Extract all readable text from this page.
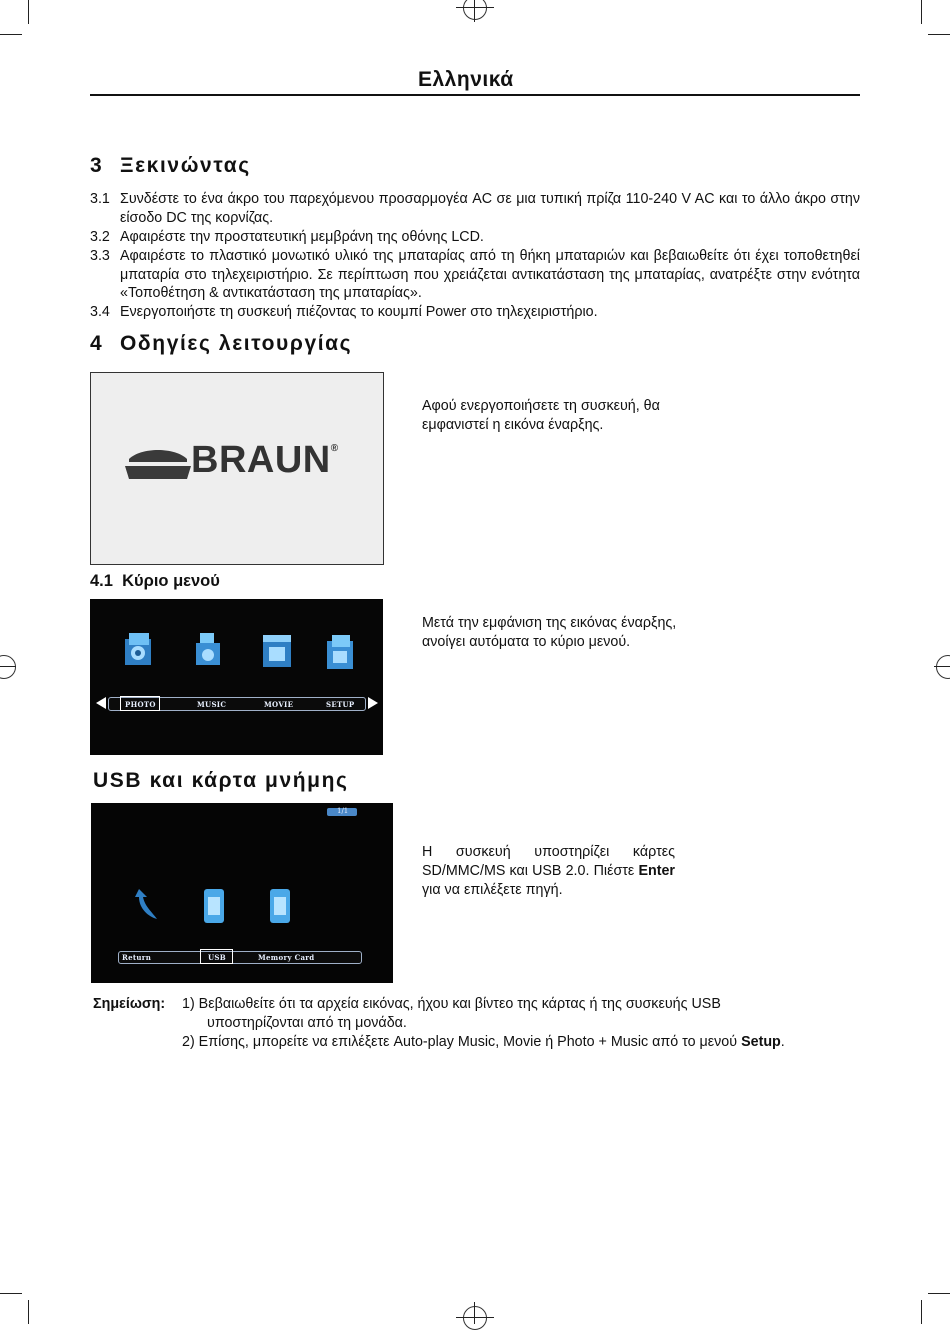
Ελληνικά
3 Ξεκινώντας
3.1 Συνδέστε το ένα άκρο του παρεχόμενου προσαρμογέα AC σε μια τυπική πρίζα 110-240 V AC και το άλλο άκρο στην είσοδο DC της κορνίζας.
3.2 Αφαιρέστε την προστατευτική μεμβράνη της οθόνης LCD.
3.3 Αφαιρέστε το πλαστικό μονωτικό υλικό της μπαταρίας από τη θήκη μπαταριών και βεβαιωθείτε ότι έχει τοποθετηθεί μπαταρία στο τηλεχειριστήριο. Σε περίπτωση που χρειάζεται αντικατάσταση της μπαταρίας, ανατρέξτε στην ενότητα «Τοποθέτηση & αντικατάσταση της μπαταρίας».
3.4 Ενεργοποιήστε τη συσκευή πιέζοντας το κουμπί Power στο τηλεχειριστήριο.
4 Οδηγίες λειτουργίας
BRAUN®
Αφού ενεργοποιήσετε τη συσκευή, θα εμφανιστεί η εικόνα έναρξης.
4.1  Κύριο μενού
PHOTO	MUSIC	MOVIE	SETUP
Μετά την εμφάνιση της εικόνας έναρξης, ανοίγει αυτόματα το κύριο μενού.
USB και κάρτα μνήμης
1/1
Return	USB	Memory Card
Η συσκευή υποστηρίζει κάρτες SD/MMC/MS και USB 2.0. Πιέστε Enter για να επιλέξετε πηγή.
Σημείωση: 1) Βεβαιωθείτε ότι τα αρχεία εικόνας, ήχου και βίντεο της κάρτας ή της συσκευής USB
υποστηρίζονται από τη μονάδα.
2) Επίσης, μπορείτε να επιλέξετε Auto-play Music, Movie ή Photo + Music από το μενού Setup.
